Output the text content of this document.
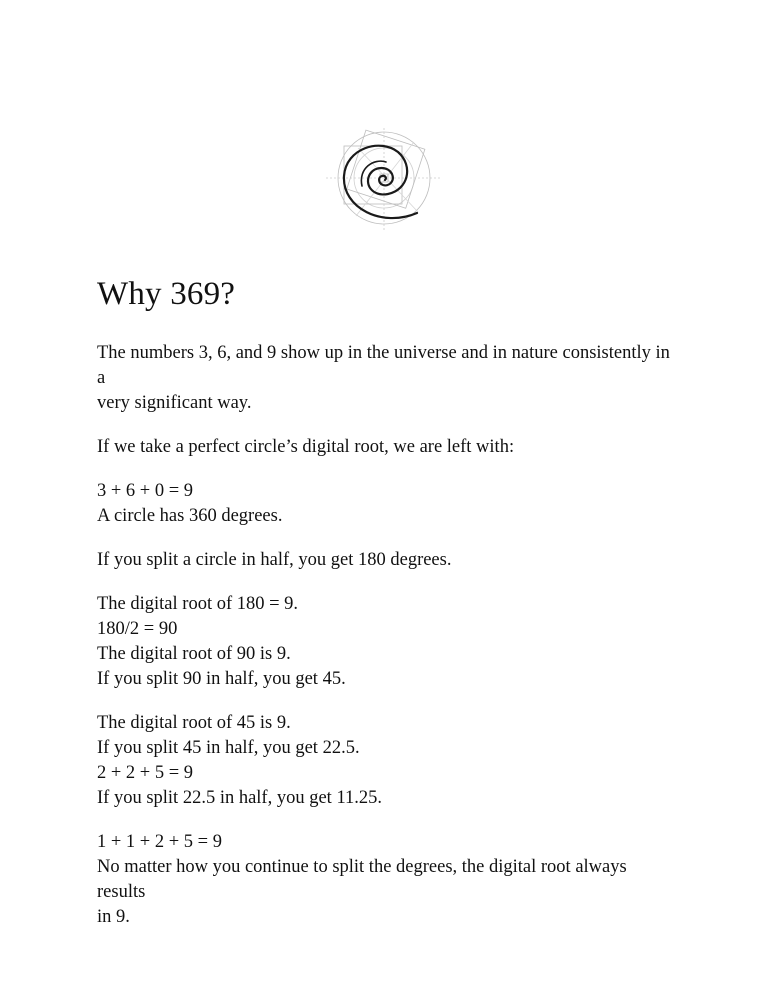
Why 369?

The numbers 3, 6, and 9 show up in the universe and in nature consistently in a
very significant way.

If we take a perfect circle’s digital root, we are left with:

3 + 6 + 0 = 9
A circle has 360 degrees.

If you split a circle in half, you get 180 degrees.

The digital root of 180 = 9.
180/2 = 90
The digital root of 90 is 9.
If you split 90 in half, you get 45.

The digital root of 45 is 9.
If you split 45 in half, you get 22.5.
2 + 2 + 5 = 9
If you split 22.5 in half, you get 11.25.

1 + 1 + 2 + 5 = 9
No matter how you continue to split the degrees, the digital root always results
in 9.
